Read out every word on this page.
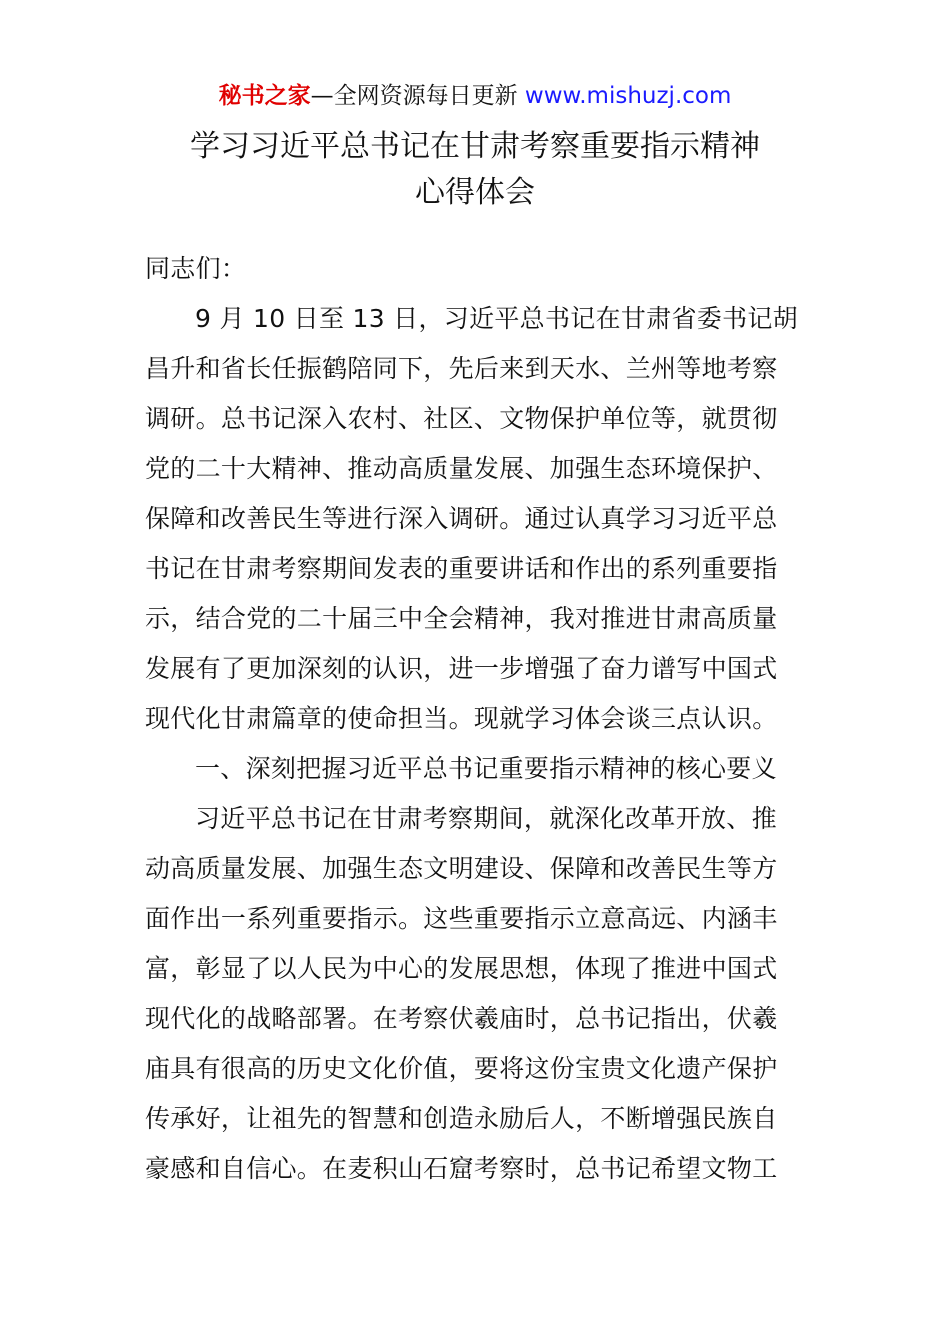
秘书之家—全网资源每日更新 www.mishuzj.com
学习习近平总书记在甘肃考察重要指示精神
心得体会
同志们：
9 月 10 日至 13 日，习近平总书记在甘肃省委书记胡
昌升和省长任振鹤陪同下，先后来到天水、兰州等地考察
调研。总书记深入农村、社区、文物保护单位等，就贯彻
党的二十大精神、推动高质量发展、加强生态环境保护、
保障和改善民生等进行深入调研。通过认真学习习近平总
书记在甘肃考察期间发表的重要讲话和作出的系列重要指
示，结合党的二十届三中全会精神，我对推进甘肃高质量
发展有了更加深刻的认识，进一步增强了奋力谱写中国式
现代化甘肃篇章的使命担当。现就学习体会谈三点认识。
一、深刻把握习近平总书记重要指示精神的核心要义
习近平总书记在甘肃考察期间，就深化改革开放、推
动高质量发展、加强生态文明建设、保障和改善民生等方
面作出一系列重要指示。这些重要指示立意高远、内涵丰
富，彰显了以人民为中心的发展思想，体现了推进中国式
现代化的战略部署。在考察伏羲庙时，总书记指出，伏羲
庙具有很高的历史文化价值，要将这份宝贵文化遗产保护
传承好，让祖先的智慧和创造永励后人，不断增强民族自
豪感和自信心。在麦积山石窟考察时，总书记希望文物工
